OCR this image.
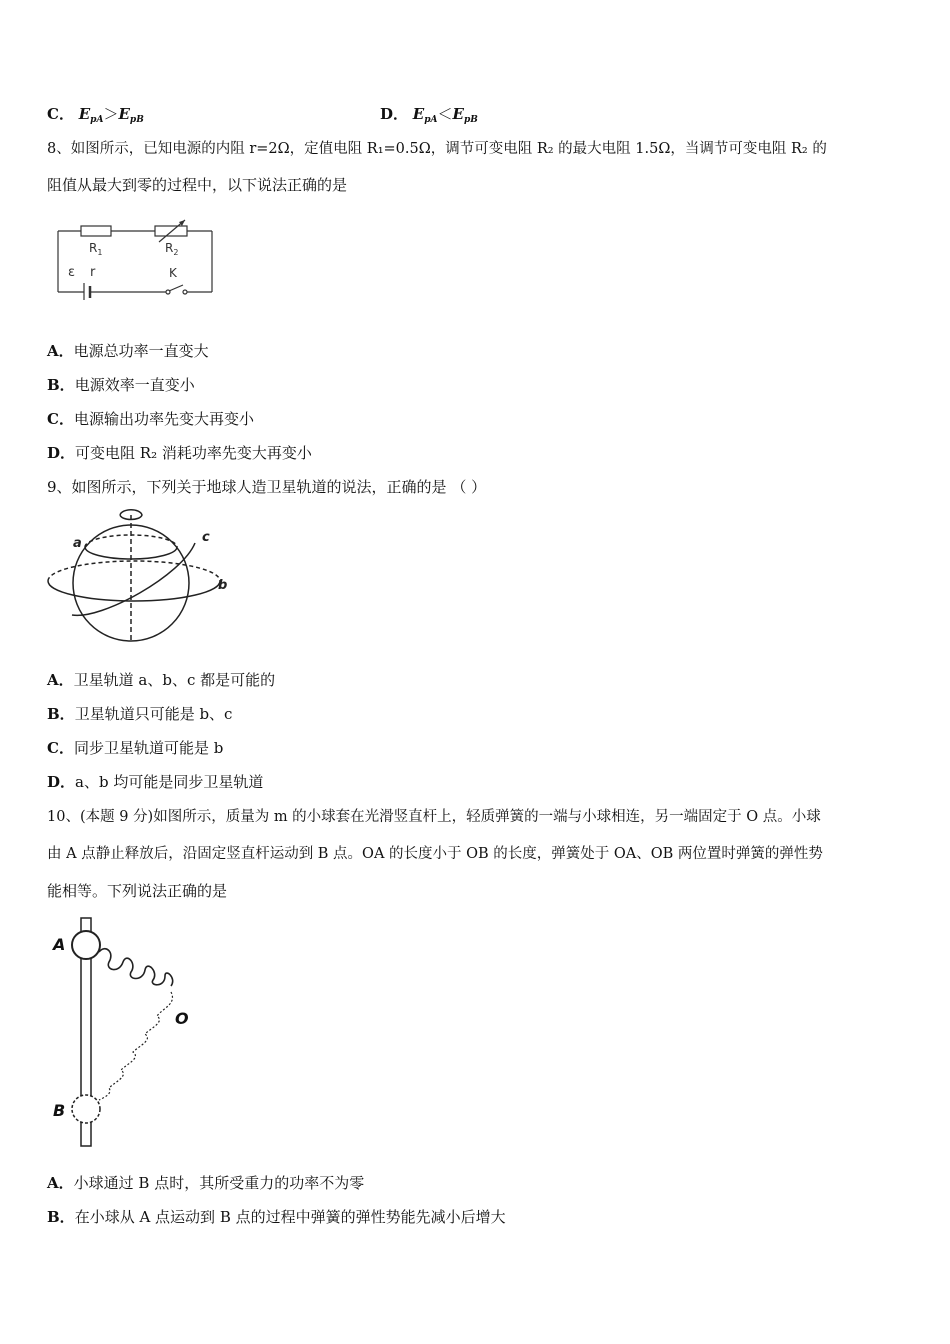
C． $E_{pA}>E_{pB}$	D． $E_{pA}<E_{pB}$
8、如图所示，已知电源的内阻 r=2Ω，定值电阻 R₁=0.5Ω，调节可变电阻 R₂ 的最大电阻 1.5Ω，当调节可变电阻 R₂ 的
阻值从最大到零的过程中，以下说法正确的是
$R_1$	$R_2$
ε r	K
A．电源总功率一直变大
B．电源效率一直变小
C．电源输出功率先变大再变小
D．可变电阻 R₂ 消耗功率先变大再变小
9、如图所示，下列关于地球人造卫星轨道的说法，正确的是 （ ）
a
b
c
A．卫星轨道 a、b、c 都是可能的
B．卫星轨道只可能是 b、c
C．同步卫星轨道可能是 b
D．a、b 均可能是同步卫星轨道
10、(本题 9 分)如图所示，质量为 m 的小球套在光滑竖直杆上，轻质弹簧的一端与小球相连，另一端固定于 O 点。小球
由 A 点静止释放后，沿固定竖直杆运动到 B 点。OA 的长度小于 OB 的长度，弹簧处于 OA、OB 两位置时弹簧的弹性势
能相等。下列说法正确的是
A
B
O
A．小球通过 B 点时，其所受重力的功率不为零
B．在小球从 A 点运动到 B 点的过程中弹簧的弹性势能先减小后增大
